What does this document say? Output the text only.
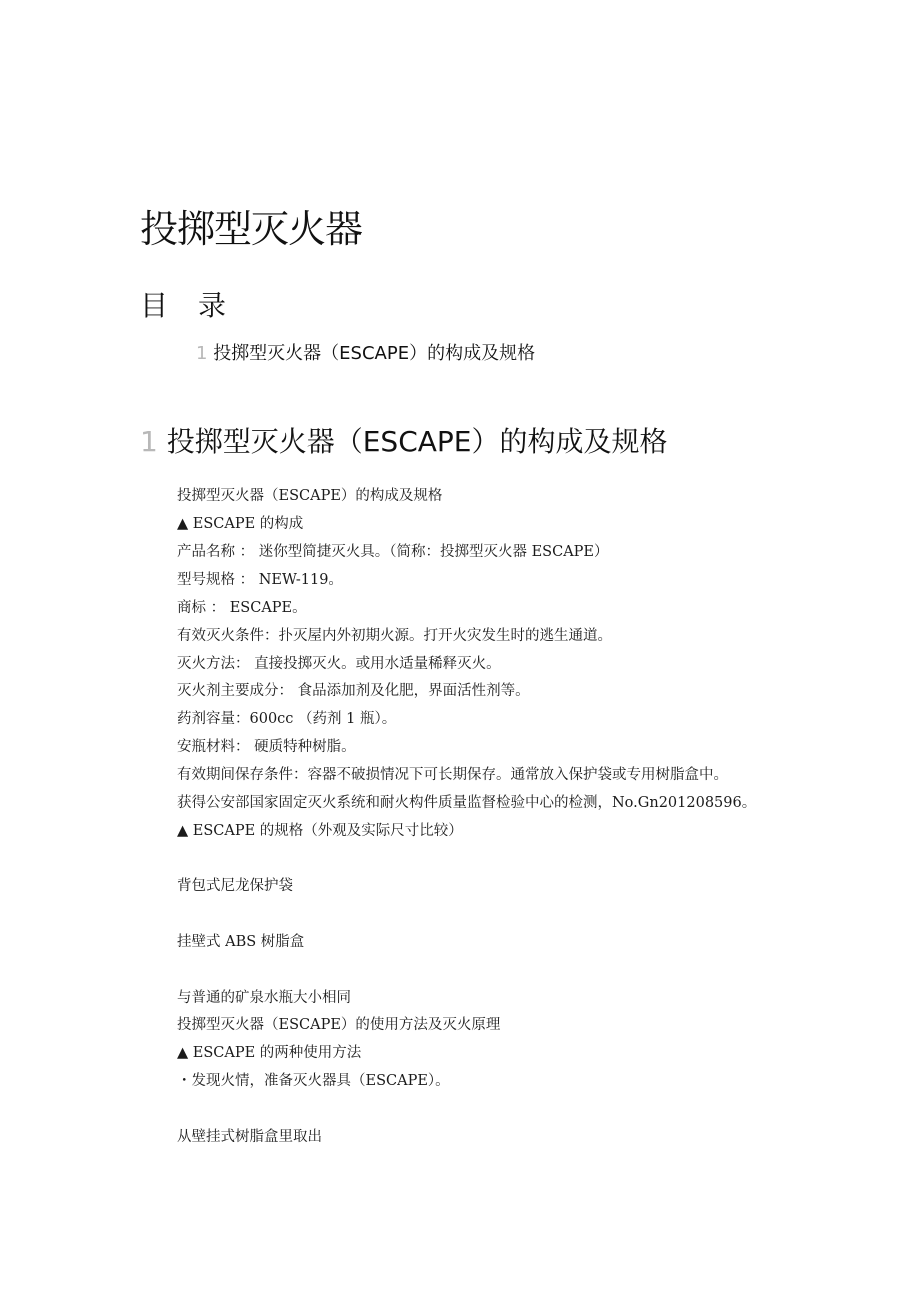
投掷型灭火器
目录
1 投掷型灭火器（ESCAPE）的构成及规格
1 投掷型灭火器（ESCAPE）的构成及规格
投掷型灭火器（ESCAPE）的构成及规格
▲ ESCAPE 的构成
产品名称 ： 迷你型简捷灭火具。（简称：投掷型灭火器 ESCAPE）
型号规格 ： NEW-119。
商标 ： ESCAPE。
有效灭火条件：扑灭屋内外初期火源。打开火灾发生时的逃生通道。
灭火方法： 直接投掷灭火。或用水适量稀释灭火。
灭火剂主要成分： 食品添加剂及化肥，界面活性剂等。
药剂容量：600cc （药剂 1 瓶）。
安瓶材料： 硬质特种树脂。
有效期间保存条件：容器不破损情况下可长期保存。通常放入保护袋或专用树脂盒中。
获得公安部国家固定灭火系统和耐火构件质量监督检验中心的检测，No.Gn201208596。
▲ ESCAPE 的规格（外观及实际尺寸比较）
背包式尼龙保护袋
挂壁式 ABS 树脂盒
与普通的矿泉水瓶大小相同
投掷型灭火器（ESCAPE）的使用方法及灭火原理
▲ ESCAPE 的两种使用方法
・发现火情，准备灭火器具（ESCAPE）。
从壁挂式树脂盒里取出
